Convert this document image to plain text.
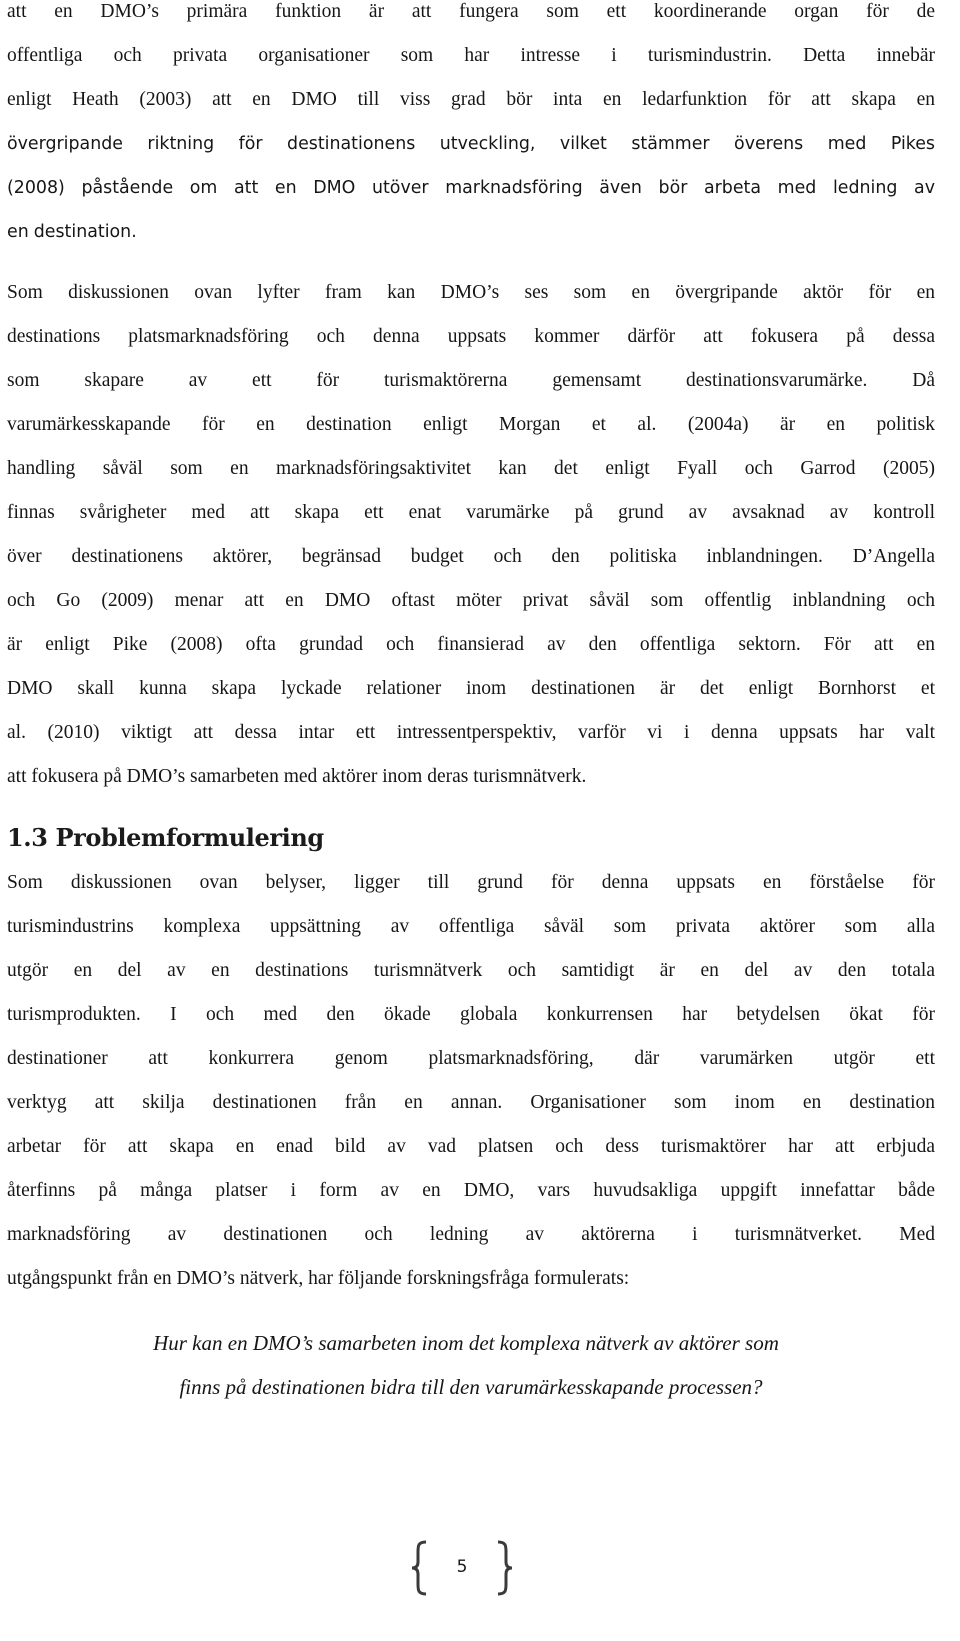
att en DMO’s primära funktion är att fungera som ett koordinerande organ för de

offentliga och privata organisationer som har intresse i turismindustrin. Detta innebär

enligt Heath (2003) att en DMO till viss grad bör inta en ledarfunktion för att skapa en

övergripande riktning för destinationens utveckling, vilket stämmer överens med Pikes

(2008) påstående om att en DMO utöver marknadsföring även bör arbeta med ledning av

en destination.

Som diskussionen ovan lyfter fram kan DMO’s ses som en övergripande aktör för en

destinations platsmarknadsföring och denna uppsats kommer därför att fokusera på dessa

som skapare av ett för turismaktörerna gemensamt destinationsvarumärke. Då

varumärkesskapande för en destination enligt Morgan et al. (2004a) är en politisk

handling såväl som en marknadsföringsaktivitet kan det enligt Fyall och Garrod (2005)

finnas svårigheter med att skapa ett enat varumärke på grund av avsaknad av kontroll

över destinationens aktörer, begränsad budget och den politiska inblandningen. D’Angella

och Go (2009) menar att en DMO oftast möter privat såväl som offentlig inblandning och

är enligt Pike (2008) ofta grundad och finansierad av den offentliga sektorn. För att en

DMO skall kunna skapa lyckade relationer inom destinationen är det enligt Bornhorst et

al. (2010) viktigt att dessa intar ett intressentperspektiv, varför vi i denna uppsats har valt

att fokusera på DMO’s samarbeten med aktörer inom deras turismnätverk.

1.3 Problemformulering

Som diskussionen ovan belyser, ligger till grund för denna uppsats en förståelse för

turismindustrins komplexa uppsättning av offentliga såväl som privata aktörer som alla

utgör en del av en destinations turismnätverk och samtidigt är en del av den totala

turismprodukten. I och med den ökade globala konkurrensen har betydelsen ökat för

destinationer att konkurrera genom platsmarknadsföring, där varumärken utgör ett

verktyg att skilja destinationen från en annan. Organisationer som inom en destination

arbetar för att skapa en enad bild av vad platsen och dess turismaktörer har att erbjuda

återfinns på många platser i form av en DMO, vars huvudsakliga uppgift innefattar både

marknadsföring av destinationen och ledning av aktörerna i turismnätverket. Med

utgångspunkt från en DMO’s nätverk, har följande forskningsfråga formulerats:

Hur kan en DMO’s samarbeten inom det komplexa nätverk av aktörer som
finns på destinationen bidra till den varumärkesskapande processen?
5
